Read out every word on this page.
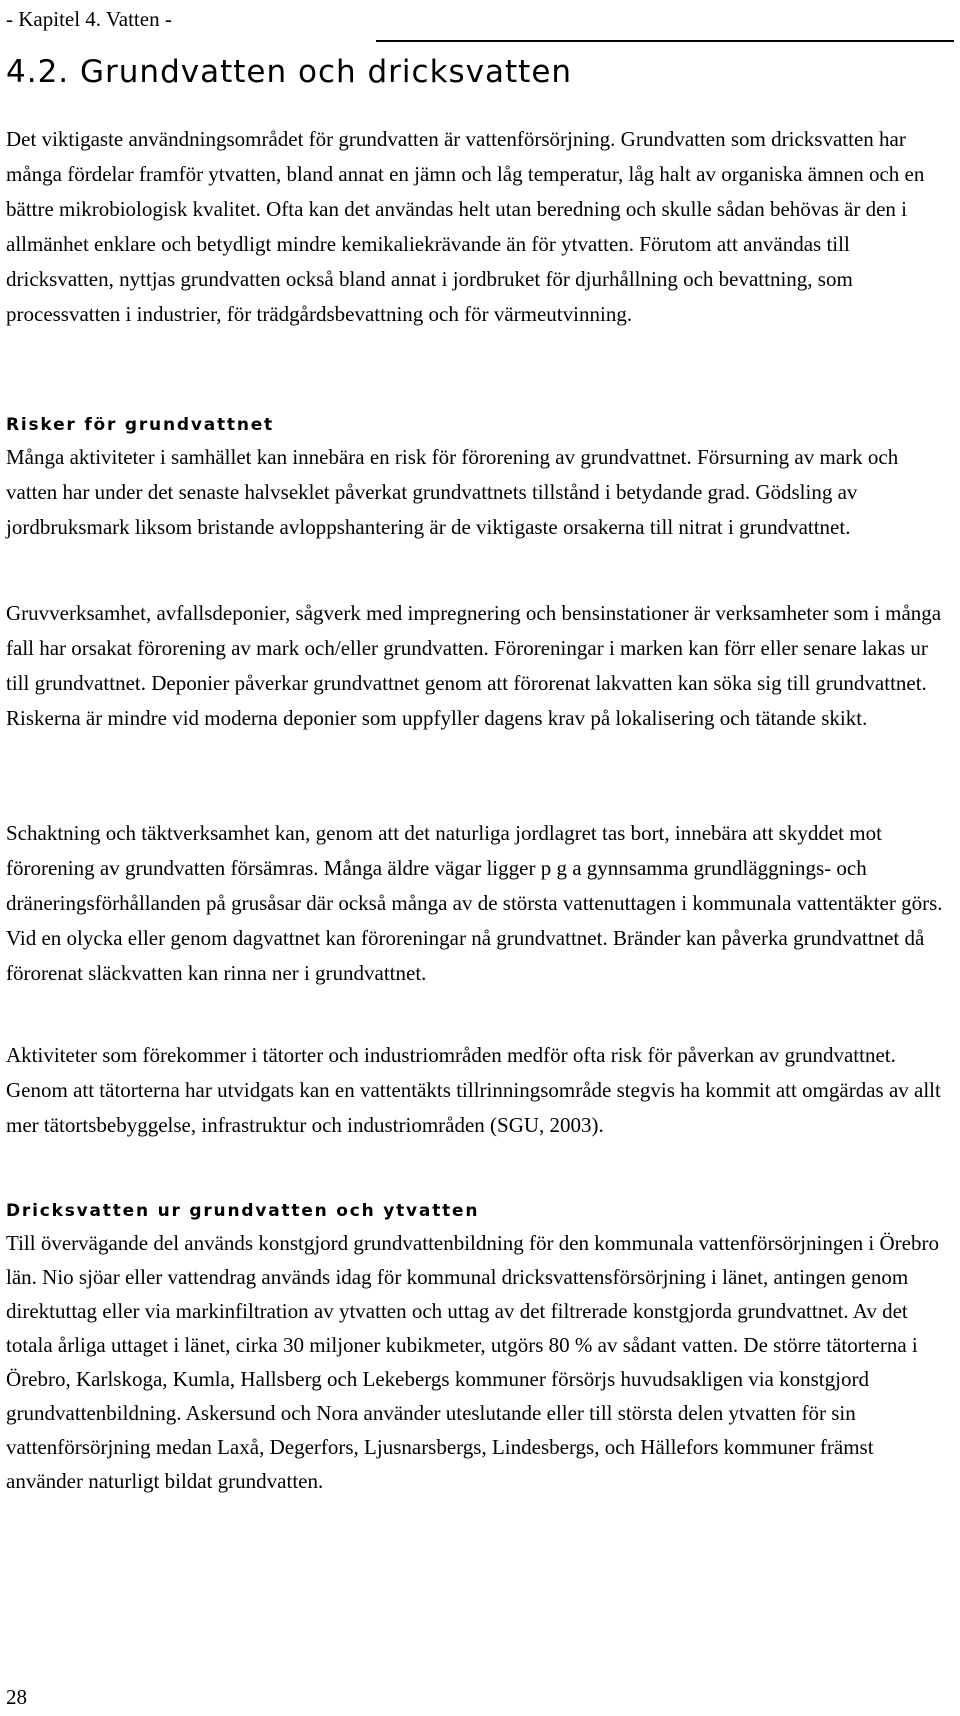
- Kapitel 4. Vatten -
4.2. Grundvatten och dricksvatten

Det viktigaste användningsområdet för grundvatten är vattenförsörjning. Grundvatten som dricksvatten har många fördelar framför ytvatten, bland annat en jämn och låg temperatur, låg halt av organiska ämnen och en bättre mikrobiologisk kvalitet. Ofta kan det användas helt utan beredning och skulle sådan behövas är den i allmänhet enklare och betydligt mindre kemikaliekrävande än för ytvatten. Förutom att användas till dricksvatten, nyttjas grundvatten också bland annat i jordbruket för djurhållning och bevattning, som processvatten i industrier, för trädgårdsbevattning och för värmeutvinning.

Risker för grundvattnet

Många aktiviteter i samhället kan innebära en risk för förorening av grundvattnet. Försurning av mark och vatten har under det senaste halvseklet påverkat grundvattnets tillstånd i betydande grad. Gödsling av jordbruksmark liksom bristande avloppshantering är de viktigaste orsakerna till nitrat i grundvattnet.

Gruvverksamhet, avfallsdeponier, sågverk med impregnering och bensinstationer är verksamheter som i många fall har orsakat förorening av mark och/eller grundvatten. Föroreningar i marken kan förr eller senare lakas ur till grundvattnet. Deponier påverkar grundvattnet genom att förorenat lakvatten kan söka sig till grundvattnet. Riskerna är mindre vid moderna deponier som uppfyller dagens krav på lokalisering och tätande skikt.

Schaktning och täktverksamhet kan, genom att det naturliga jordlagret tas bort, innebära att skyddet mot förorening av grundvatten försämras. Många äldre vägar ligger p g a gynnsamma grundläggnings- och dräneringsförhållanden på grusåsar där också många av de största vattenuttagen i kommunala vattentäkter görs. Vid en olycka eller genom dagvattnet kan föroreningar nå grundvattnet. Bränder kan påverka grundvattnet då förorenat släckvatten kan rinna ner i grundvattnet.

Aktiviteter som förekommer i tätorter och industriområden medför ofta risk för påverkan av grundvattnet. Genom att tätorterna har utvidgats kan en vattentäkts tillrinningsområde stegvis ha kommit att omgärdas av allt mer tätortsbebyggelse, infrastruktur och industriområden (SGU, 2003).

Dricksvatten ur grundvatten och ytvatten

Till övervägande del används konstgjord grundvattenbildning för den kommunala vattenförsörjningen i Örebro län. Nio sjöar eller vattendrag används idag för kommunal dricksvattensförsörjning i länet, antingen genom direktuttag eller via markinfiltration av ytvatten och uttag av det filtrerade konstgjorda grundvattnet. Av det totala årliga uttaget i länet, cirka 30 miljoner kubikmeter, utgörs 80 % av sådant vatten. De större tätorterna i Örebro, Karlskoga, Kumla, Hallsberg och Lekebergs kommuner försörjs huvudsakligen via konstgjord grundvattenbildning. Askersund och Nora använder uteslutande eller till största delen ytvatten för sin vattenförsörjning medan Laxå, Degerfors, Ljusnarsbergs, Lindesbergs, och Hällefors kommuner främst använder naturligt bildat grundvatten.

28
